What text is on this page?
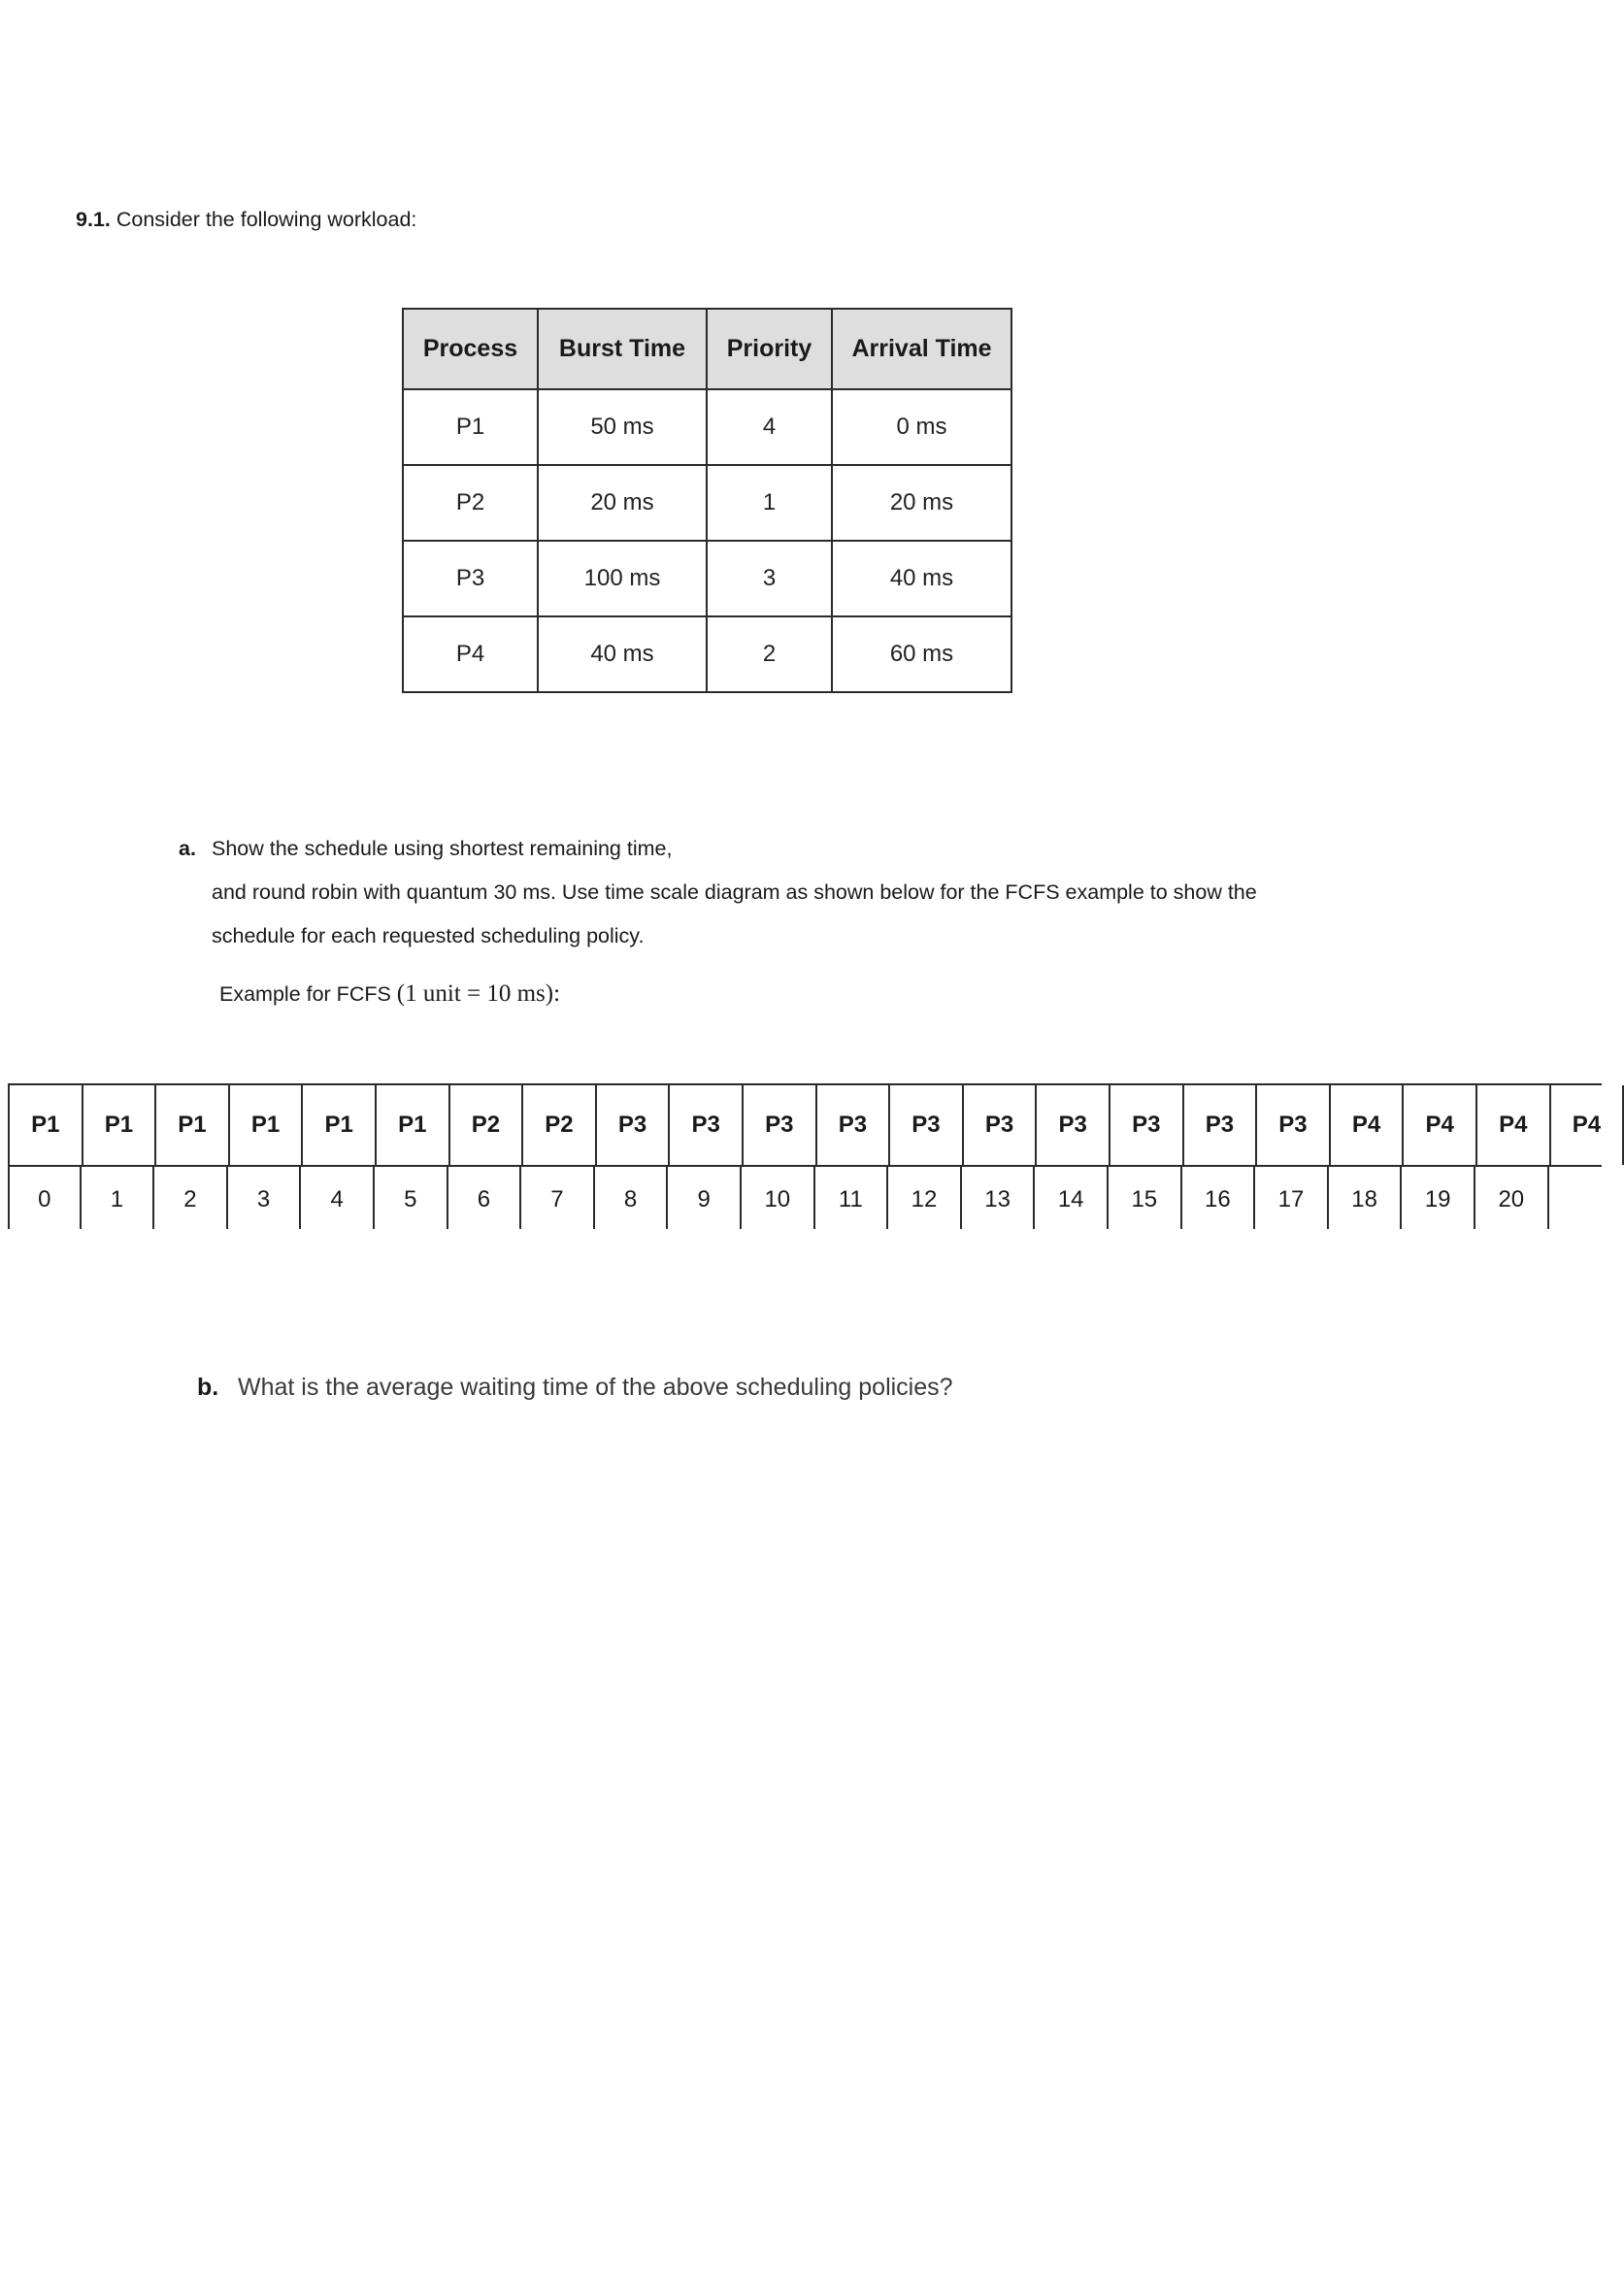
9.1. Consider the following workload:
Process	Burst Time	Priority	Arrival Time
P1	50 ms	4	0 ms
P2	20 ms	1	20 ms
P3	100 ms	3	40 ms
P4	40 ms	2	60 ms
a. Show the schedule using shortest remaining time,
and round robin with quantum 30 ms. Use time scale diagram as shown below for the FCFS example to show the
schedule for each requested scheduling policy.
Example for FCFS (1 unit = 10 ms):
P1	P1	P1	P1	P1	P1	P2	P2	P3	P3	P3	P3	P3	P3	P3	P3	P3	P3	P4	P4	P4	P4
0	1	2	3	4	5	6	7	8	9	10	11	12	13	14	15	16	17	18	19	20
b. What is the average waiting time of the above scheduling policies?
